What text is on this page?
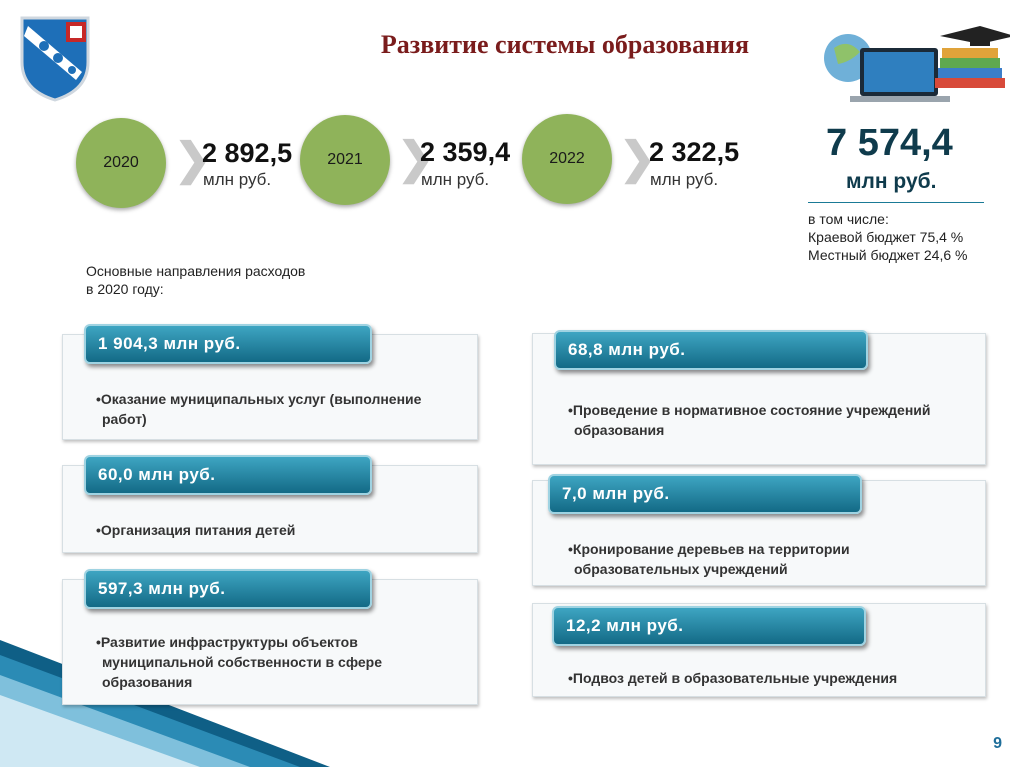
Развитие системы образования
2020 ❯
2 892,5
млн руб.
2021 ❯
2 359,4
млн руб.
2022 ❯
2 322,5
млн руб.
7 574,4
млн руб.
в том числе:
Краевой бюджет 75,4 %
Местный бюджет 24,6 %
Основные направления расходов
в 2020 году:
1 904,3 млн руб.
•Оказание муниципальных услуг (выполнение
работ)
60,0 млн руб.
•Организация питания детей
597,3 млн руб.
•Развитие инфраструктуры объектов
муниципальной собственности в сфере
образования
68,8 млн руб.
•Проведение в нормативное состояние учреждений
образования
7,0 млн руб.
•Кронирование деревьев на территории
образовательных учреждений
12,2 млн руб.
•Подвоз детей в образовательные учреждения
9
